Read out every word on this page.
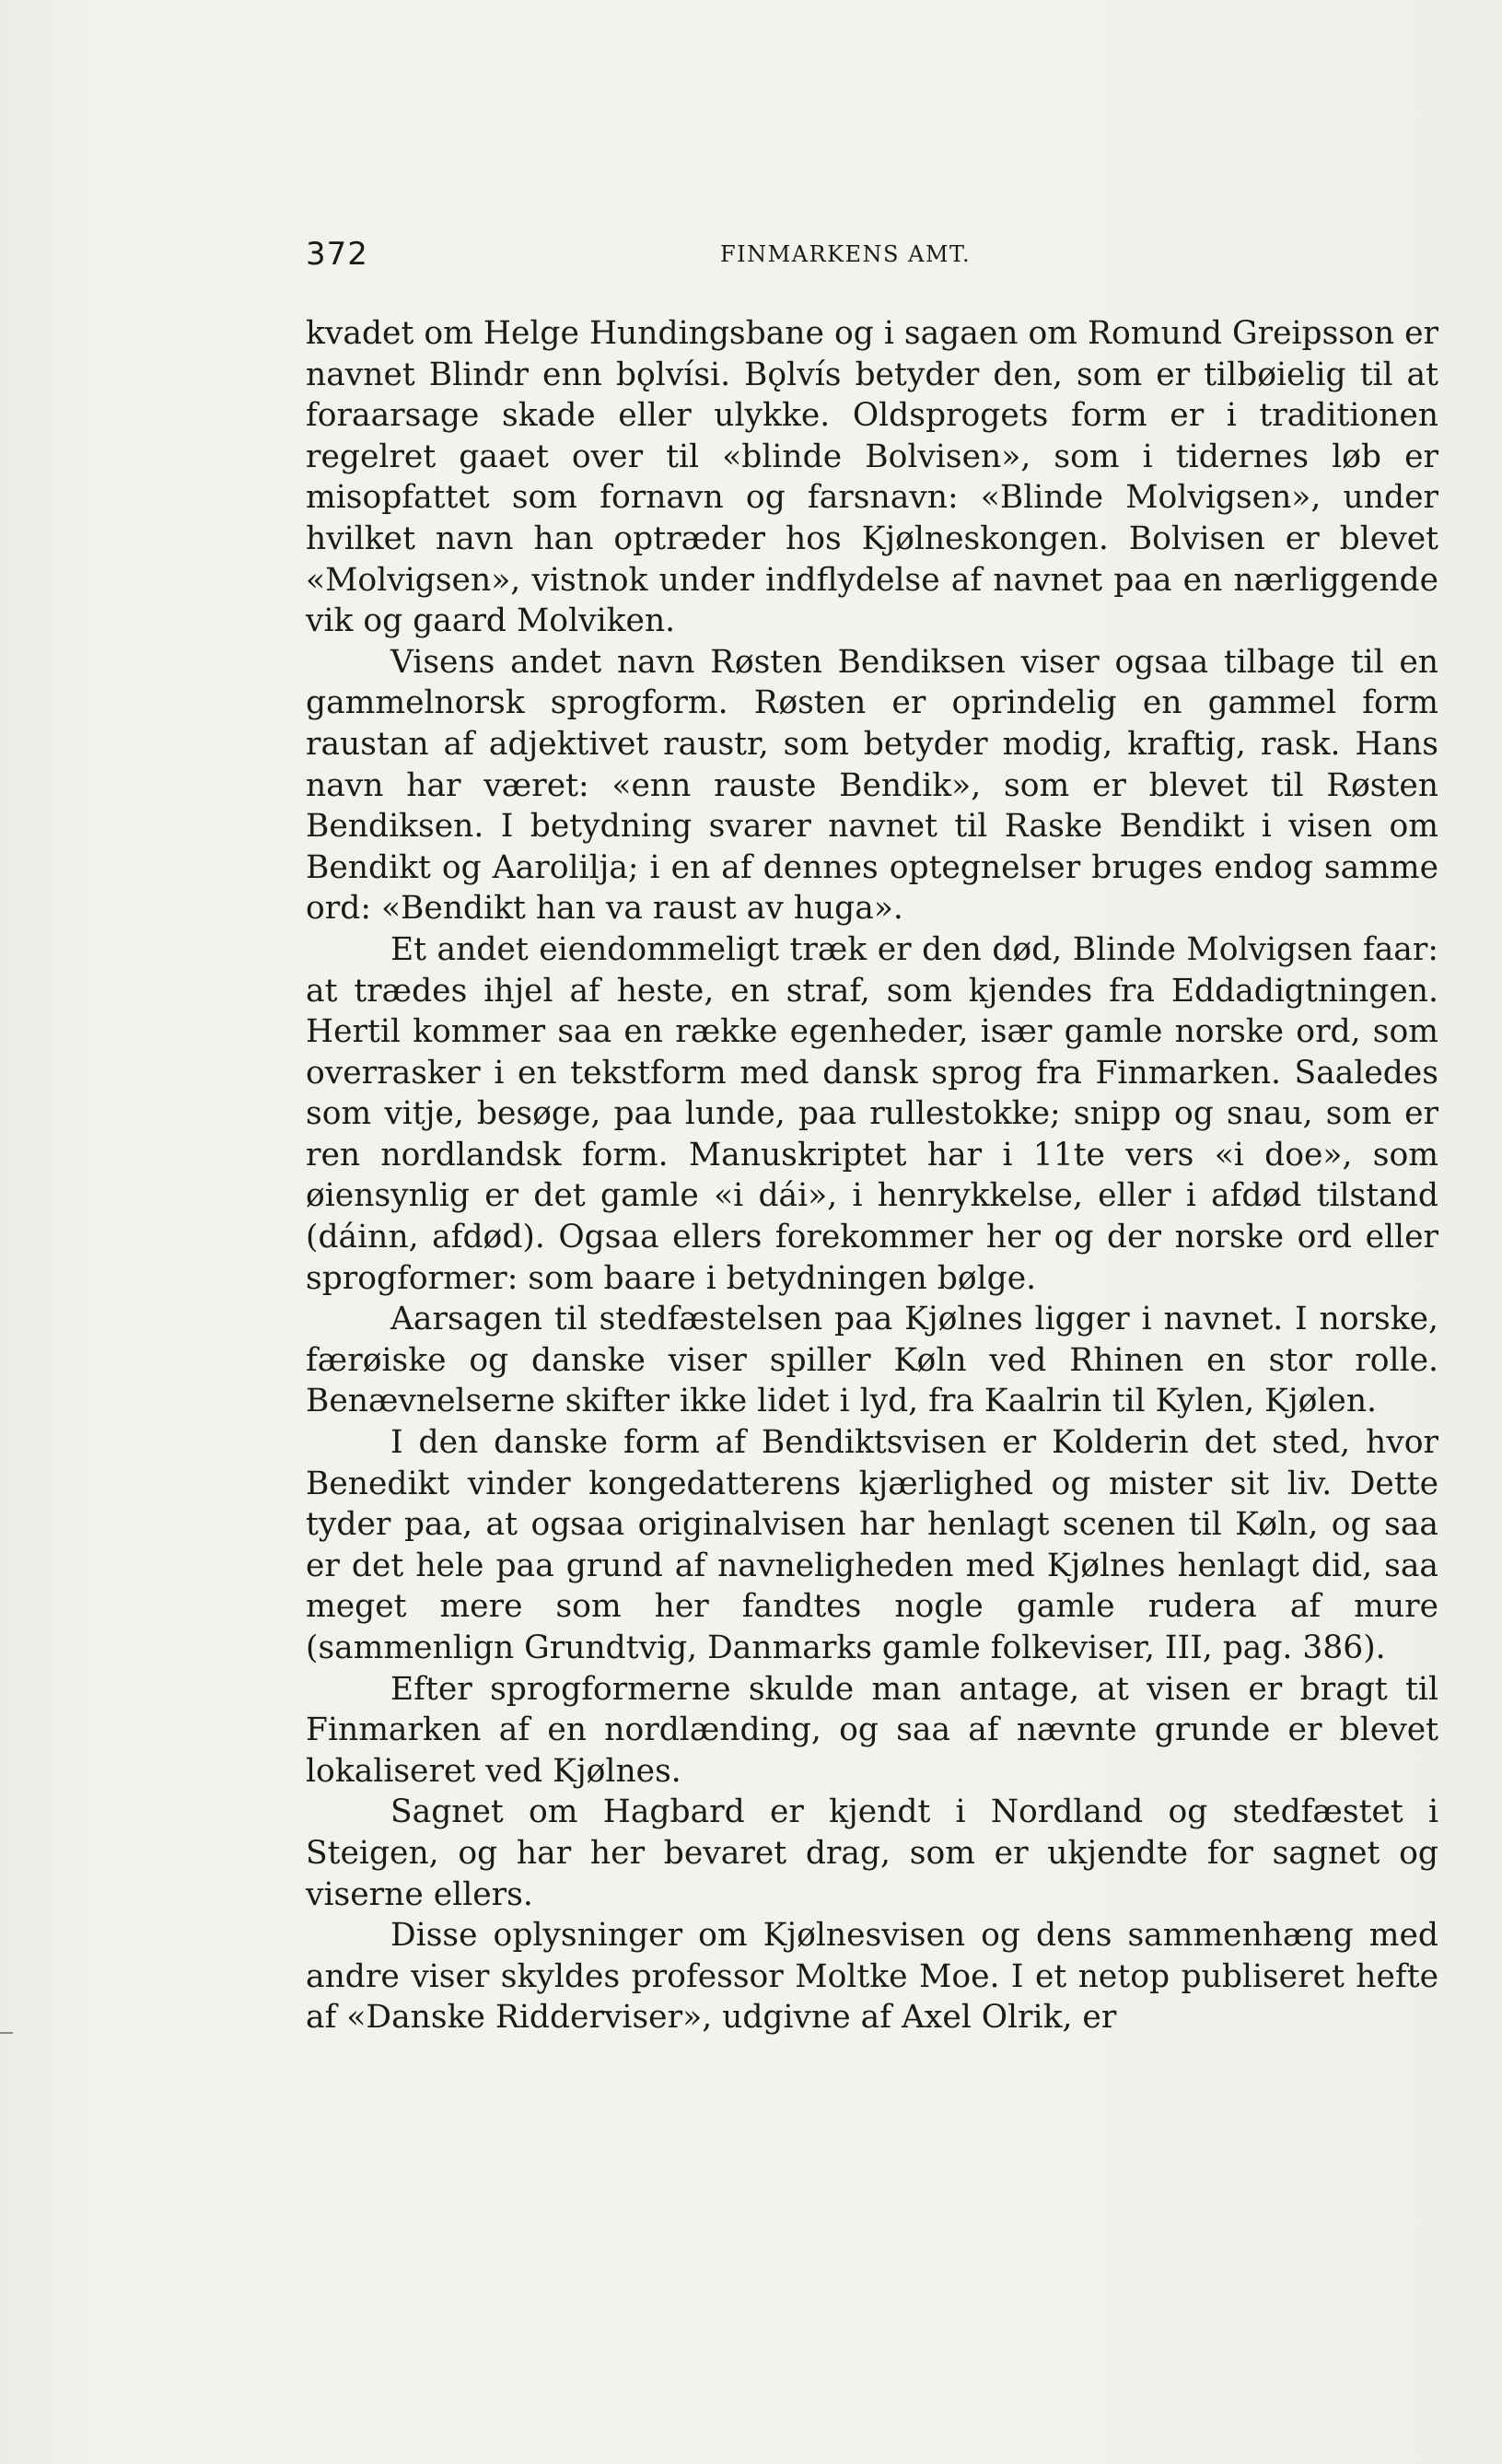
372	FINMARKENS AMT.

kvadet om Helge Hundingsbane og i sagaen om Romund Greipsson er navnet Blindr enn bǫlvísi. Bǫlvís betyder den, som er tilbøielig til at foraarsage skade eller ulykke. Oldsprogets form er i traditionen regelret gaaet over til «blinde Bolvisen», som i tidernes løb er misopfattet som fornavn og farsnavn: «Blinde Molvigsen», under hvilket navn han optræder hos Kjølneskongen. Bolvisen er blevet «Molvigsen», vistnok under indflydelse af navnet paa en nærliggende vik og gaard Molviken.

Visens andet navn Røsten Bendiksen viser ogsaa tilbage til en gammelnorsk sprogform. Røsten er oprindelig en gammel form raustan af adjektivet raustr, som betyder modig, kraftig, rask. Hans navn har været: «enn rauste Bendik», som er blevet til Røsten Bendiksen. I betydning svarer navnet til Raske Bendikt i visen om Bendikt og Aarolilja; i en af dennes optegnelser bruges endog samme ord: «Bendikt han va raust av huga».

Et andet eiendommeligt træk er den død, Blinde Molvigsen faar: at trædes ihjel af heste, en straf, som kjendes fra Eddadigtningen. Hertil kommer saa en række egenheder, især gamle norske ord, som overrasker i en tekstform med dansk sprog fra Finmarken. Saaledes som vitje, besøge, paa lunde, paa rullestokke; snipp og snau, som er ren nordlandsk form. Manuskriptet har i 11te vers «i doe», som øiensynlig er det gamle «i dái», i henrykkelse, eller i afdød tilstand (dáinn, afdød). Ogsaa ellers forekommer her og der norske ord eller sprogformer: som baare i betydningen bølge.

Aarsagen til stedfæstelsen paa Kjølnes ligger i navnet. I norske, færøiske og danske viser spiller Køln ved Rhinen en stor rolle. Benævnelserne skifter ikke lidet i lyd, fra Kaalrin til Kylen, Kjølen.

I den danske form af Bendiktsvisen er Kolderin det sted, hvor Benedikt vinder kongedatterens kjærlighed og mister sit liv. Dette tyder paa, at ogsaa originalvisen har henlagt scenen til Køln, og saa er det hele paa grund af navneligheden med Kjølnes henlagt did, saa meget mere som her fandtes nogle gamle rudera af mure (sammenlign Grundtvig, Danmarks gamle folkeviser, III, pag. 386).

Efter sprogformerne skulde man antage, at visen er bragt til Finmarken af en nordlænding, og saa af nævnte grunde er blevet lokaliseret ved Kjølnes.

Sagnet om Hagbard er kjendt i Nordland og stedfæstet i Steigen, og har her bevaret drag, som er ukjendte for sagnet og viserne ellers.

Disse oplysninger om Kjølnesvisen og dens sammenhæng med andre viser skyldes professor Moltke Moe. I et netop publiseret hefte af «Danske Ridderviser», udgivne af Axel Olrik, er
